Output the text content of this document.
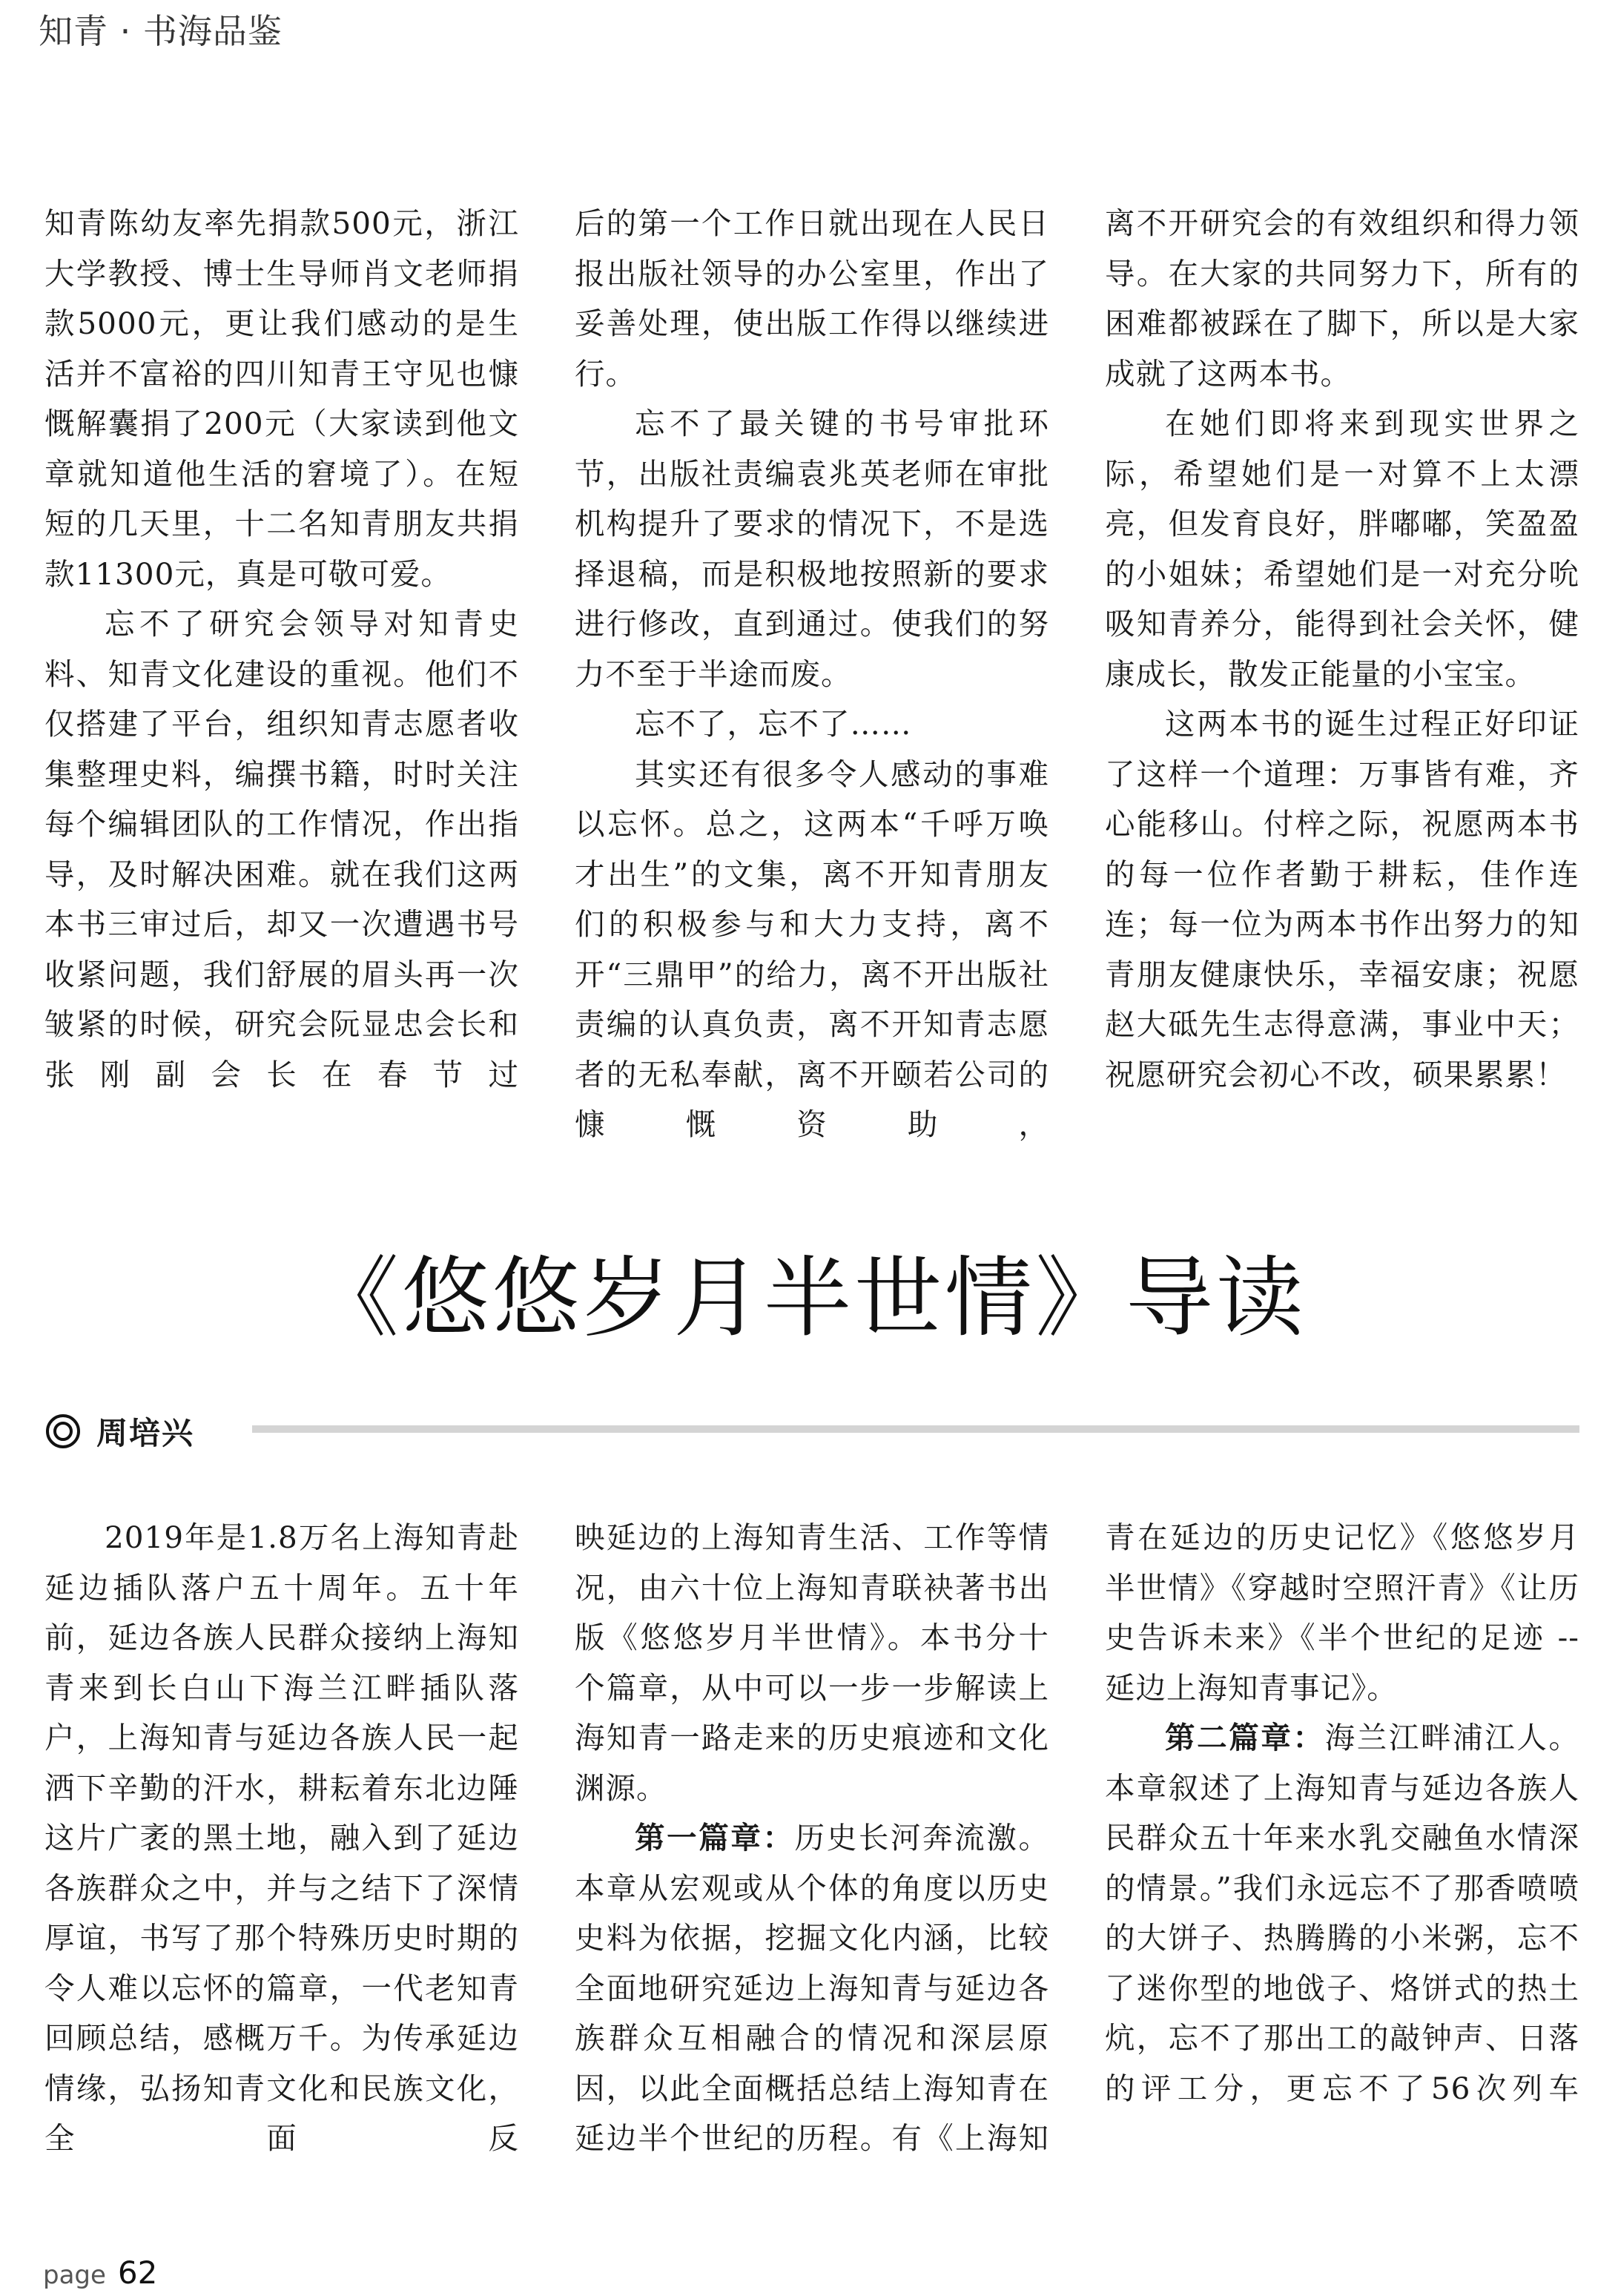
知青 · 书海品鉴

知青陈幼友率先捐款500元，浙江大学教授、博士生导师肖文老师捐款5000元，更让我们感动的是生活并不富裕的四川知青王守见也慷慨解囊捐了200元（大家读到他文章就知道他生活的窘境了）。在短短的几天里，十二名知青朋友共捐款11300元，真是可敬可爱。

忘不了研究会领导对知青史料、知青文化建设的重视。他们不仅搭建了平台，组织知青志愿者收集整理史料，编撰书籍，时时关注每个编辑团队的工作情况，作出指导，及时解决困难。就在我们这两本书三审过后，却又一次遭遇书号收紧问题，我们舒展的眉头再一次皱紧的时候，研究会阮显忠会长和张刚副会长在春节过

后的第一个工作日就出现在人民日报出版社领导的办公室里，作出了妥善处理，使出版工作得以继续进行。

忘不了最关键的书号审批环节，出版社责编袁兆英老师在审批机构提升了要求的情况下，不是选择退稿，而是积极地按照新的要求进行修改，直到通过。使我们的努力不至于半途而废。

忘不了，忘不了……

其实还有很多令人感动的事难以忘怀。总之，这两本“千呼万唤才出生”的文集，离不开知青朋友们的积极参与和大力支持，离不开“三鼎甲”的给力，离不开出版社责编的认真负责，离不开知青志愿者的无私奉献，离不开颐若公司的慷慨资助，

离不开研究会的有效组织和得力领导。在大家的共同努力下，所有的困难都被踩在了脚下，所以是大家成就了这两本书。

在她们即将来到现实世界之际，希望她们是一对算不上太漂亮，但发育良好，胖嘟嘟，笑盈盈的小姐妹；希望她们是一对充分吮吸知青养分，能得到社会关怀，健康成长，散发正能量的小宝宝。

这两本书的诞生过程正好印证了这样一个道理：万事皆有难，齐心能移山。付梓之际，祝愿两本书的每一位作者勤于耕耘，佳作连连；每一位为两本书作出努力的知青朋友健康快乐，幸福安康；祝愿赵大砥先生志得意满，事业中天；祝愿研究会初心不改，硕果累累！

《悠悠岁月半世情》导读
周培兴

2019年是1.8万名上海知青赴延边插队落户五十周年。五十年前，延边各族人民群众接纳上海知青来到长白山下海兰江畔插队落户，上海知青与延边各族人民一起洒下辛勤的汗水，耕耘着东北边陲这片广袤的黑土地，融入到了延边各族群众之中，并与之结下了深情厚谊，书写了那个特殊历史时期的令人难以忘怀的篇章，一代老知青回顾总结，感概万千。为传承延边情缘，弘扬知青文化和民族文化，全面反

映延边的上海知青生活、工作等情况，由六十位上海知青联袂著书出版《悠悠岁月半世情》。本书分十个篇章，从中可以一步一步解读上海知青一路走来的历史痕迹和文化渊源。

第一篇章：历史长河奔流激。本章从宏观或从个体的角度以历史史料为依据，挖掘文化内涵，比较全面地研究延边上海知青与延边各族群众互相融合的情况和深层原因，以此全面概括总结上海知青在延边半个世纪的历程。有《上海知

青在延边的历史记忆》《悠悠岁月半世情》《穿越时空照汗青》《让历史告诉未来》《半个世纪的足迹 -- 延边上海知青事记》。

第二篇章：海兰江畔浦江人。本章叙述了上海知青与延边各族人民群众五十年来水乳交融鱼水情深的情景。”我们永远忘不了那香喷喷的大饼子、热腾腾的小米粥，忘不了迷你型的地戗子、烙饼式的热土炕，忘不了那出工的敲钟声、日落的评工分，更忘不了56次列车

page 62
